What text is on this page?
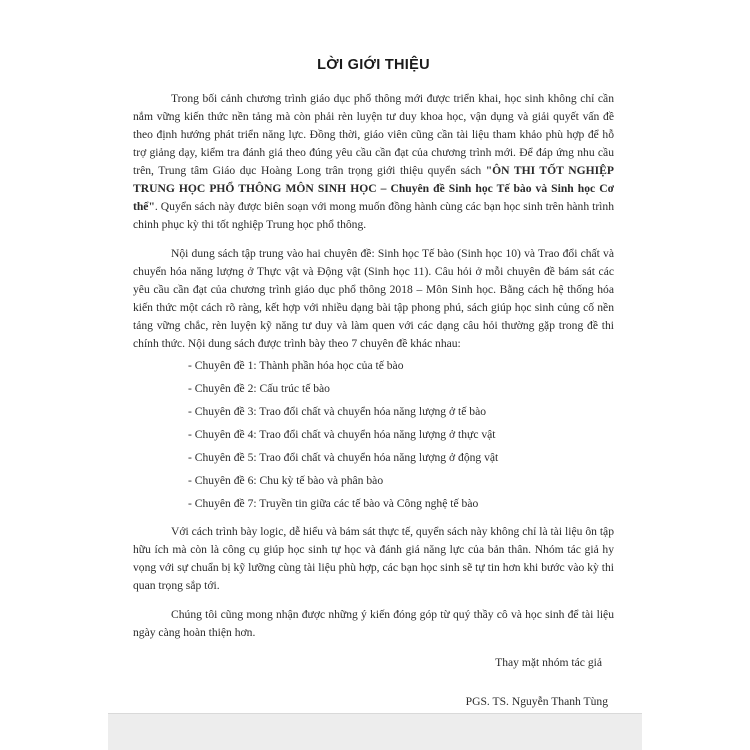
LỜI GIỚI THIỆU

Trong bối cảnh chương trình giáo dục phổ thông mới được triển khai, học sinh không chỉ cần nắm vững kiến thức nền tảng mà còn phải rèn luyện tư duy khoa học, vận dụng và giải quyết vấn đề theo định hướng phát triển năng lực. Đồng thời, giáo viên cũng cần tài liệu tham khảo phù hợp để hỗ trợ giảng dạy, kiểm tra đánh giá theo đúng yêu cầu cần đạt của chương trình mới. Để đáp ứng nhu cầu trên, Trung tâm Giáo dục Hoàng Long trân trọng giới thiệu quyển sách "ÔN THI TỐT NGHIỆP TRUNG HỌC PHỔ THÔNG MÔN SINH HỌC – Chuyên đề Sinh học Tế bào và Sinh học Cơ thể". Quyển sách này được biên soạn với mong muốn đồng hành cùng các bạn học sinh trên hành trình chinh phục kỳ thi tốt nghiệp Trung học phổ thông.

Nội dung sách tập trung vào hai chuyên đề: Sinh học Tế bào (Sinh học 10) và Trao đổi chất và chuyển hóa năng lượng ở Thực vật và Động vật (Sinh học 11). Câu hỏi ở mỗi chuyên đề bám sát các yêu cầu cần đạt của chương trình giáo dục phổ thông 2018 – Môn Sinh học. Bằng cách hệ thống hóa kiến thức một cách rõ ràng, kết hợp với nhiều dạng bài tập phong phú, sách giúp học sinh củng cố nền tảng vững chắc, rèn luyện kỹ năng tư duy và làm quen với các dạng câu hỏi thường gặp trong đề thi chính thức. Nội dung sách được trình bày theo 7 chuyên đề khác nhau:

- Chuyên đề 1: Thành phần hóa học của tế bào
- Chuyên đề 2: Cấu trúc tế bào
- Chuyên đề 3: Trao đổi chất và chuyển hóa năng lượng ở tế bào
- Chuyên đề 4: Trao đổi chất và chuyển hóa năng lượng ở thực vật
- Chuyên đề 5: Trao đổi chất và chuyển hóa năng lượng ở động vật
- Chuyên đề 6: Chu kỳ tế bào và phân bào
- Chuyên đề 7: Truyền tin giữa các tế bào và Công nghệ tế bào

Với cách trình bày logic, dễ hiểu và bám sát thực tế, quyển sách này không chỉ là tài liệu ôn tập hữu ích mà còn là công cụ giúp học sinh tự học và đánh giá năng lực của bản thân. Nhóm tác giả hy vọng với sự chuẩn bị kỹ lưỡng cùng tài liệu phù hợp, các bạn học sinh sẽ tự tin hơn khi bước vào kỳ thi quan trọng sắp tới.

Chúng tôi cũng mong nhận được những ý kiến đóng góp từ quý thầy cô và học sinh để tài liệu ngày càng hoàn thiện hơn.

Thay mặt nhóm tác giả

PGS. TS. Nguyễn Thanh Tùng
